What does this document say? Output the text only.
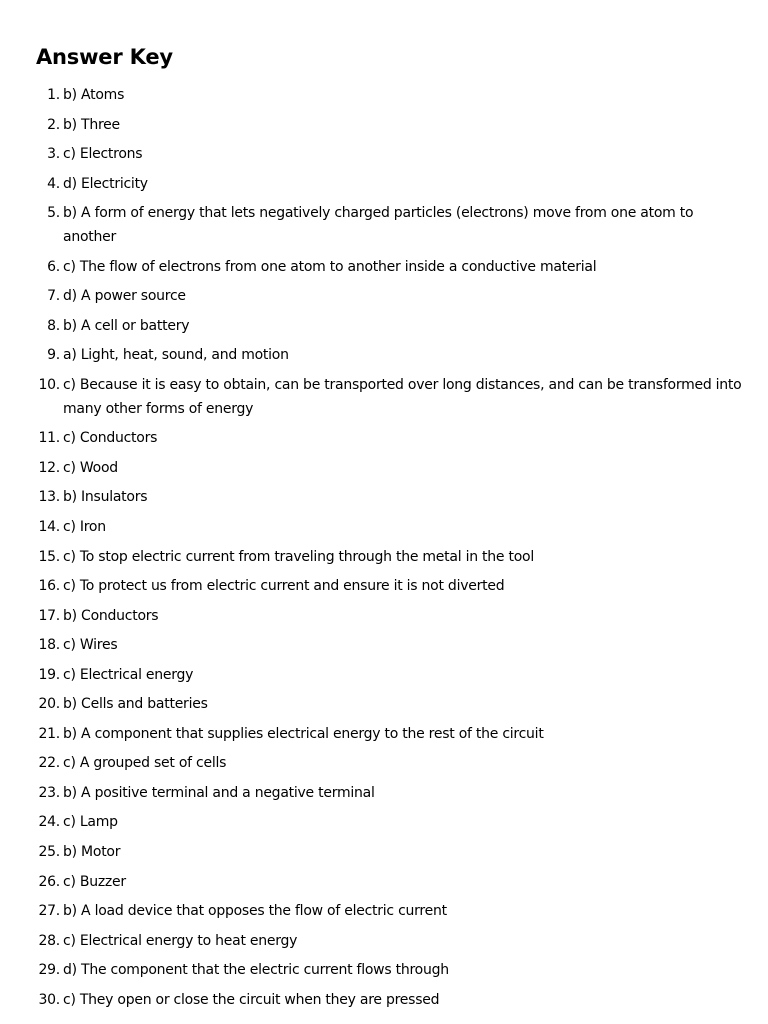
Answer Key
1. b) Atoms
2. b) Three
3. c) Electrons
4. d) Electricity
5. b) A form of energy that lets negatively charged particles (electrons) move from one atom to another
6. c) The flow of electrons from one atom to another inside a conductive material
7. d) A power source
8. b) A cell or battery
9. a) Light, heat, sound, and motion
10. c) Because it is easy to obtain, can be transported over long distances, and can be transformed into many other forms of energy
11. c) Conductors
12. c) Wood
13. b) Insulators
14. c) Iron
15. c) To stop electric current from traveling through the metal in the tool
16. c) To protect us from electric current and ensure it is not diverted
17. b) Conductors
18. c) Wires
19. c) Electrical energy
20. b) Cells and batteries
21. b) A component that supplies electrical energy to the rest of the circuit
22. c) A grouped set of cells
23. b) A positive terminal and a negative terminal
24. c) Lamp
25. b) Motor
26. c) Buzzer
27. b) A load device that opposes the flow of electric current
28. c) Electrical energy to heat energy
29. d) The component that the electric current flows through
30. c) They open or close the circuit when they are pressed
